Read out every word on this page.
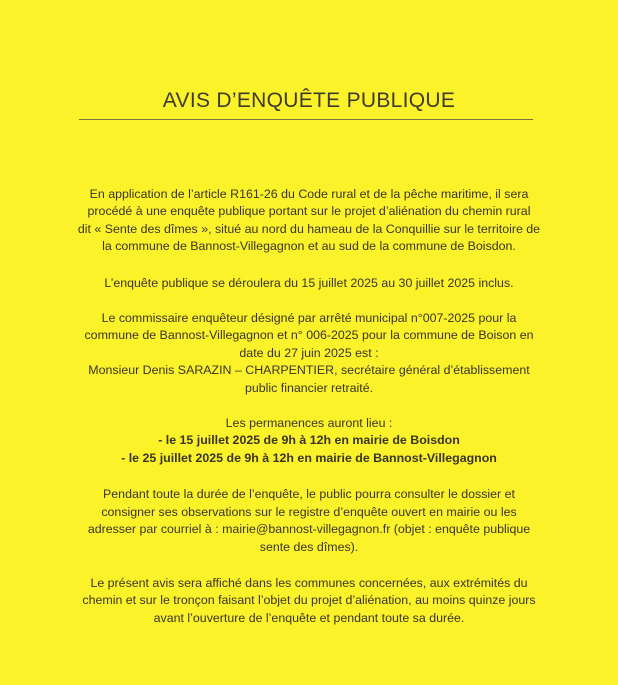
AVIS D’ENQUÊTE PUBLIQUE
En application de l’article R161-26 du Code rural et de la pêche maritime, il sera
procédé à une enquête publique portant sur le projet d’aliénation du chemin rural
dit « Sente des dîmes », situé au nord du hameau de la Conquillie sur le territoire de
la commune de Bannost-Villegagnon et au sud de la commune de Boisdon.
L’enquête publique se déroulera du 15 juillet 2025 au 30 juillet 2025 inclus.
Le commissaire enquêteur désigné par arrêté municipal n°007-2025 pour la
commune de Bannost-Villegagnon et n° 006-2025 pour la commune de Boison en
date du 27 juin 2025 est :
Monsieur Denis SARAZIN – CHARPENTIER, secrétaire général d’établissement
public financier retraité.
Les permanences auront lieu :
- le 15 juillet 2025 de 9h à 12h en mairie de Boisdon
- le 25 juillet 2025 de 9h à 12h en mairie de Bannost-Villegagnon
Pendant toute la durée de l’enquête, le public pourra consulter le dossier et
consigner ses observations sur le registre d’enquête ouvert en mairie ou les
adresser par courriel à : mairie@bannost-villegagnon.fr (objet : enquête publique
sente des dîmes).
Le présent avis sera affiché dans les communes concernées, aux extrémités du
chemin et sur le tronçon faisant l’objet du projet d’aliénation, au moins quinze jours
avant l’ouverture de l’enquête et pendant toute sa durée.
